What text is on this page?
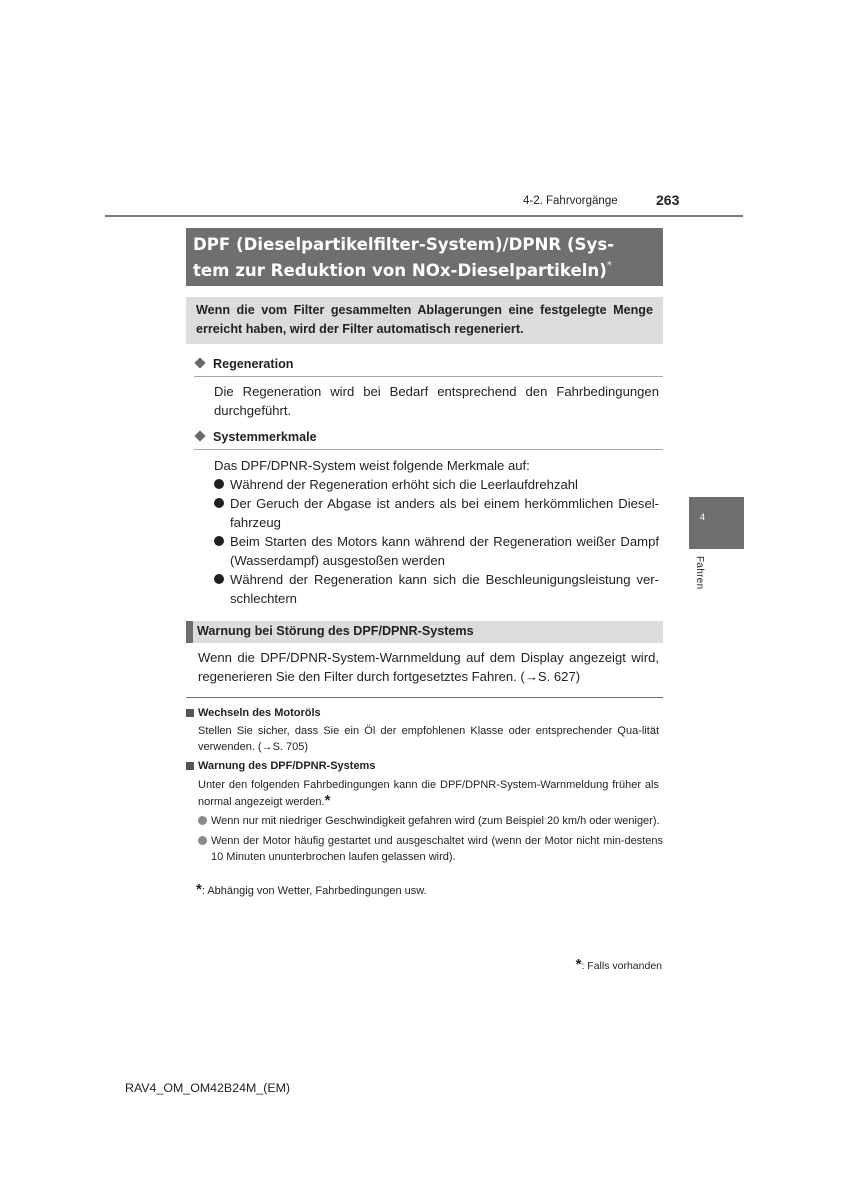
4-2. Fahrvorgänge	263
4
Fahren
DPF (Dieselpartikelfilter-System)/DPNR (Sys-
tem zur Reduktion von NOx-Dieselpartikeln)*
Wenn die vom Filter gesammelten Ablagerungen eine festgelegte Menge erreicht haben, wird der Filter automatisch regeneriert.
Regeneration
Die Regeneration wird bei Bedarf entsprechend den Fahrbedingungen durchgeführt.
Systemmerkmale
Das DPF/DPNR-System weist folgende Merkmale auf:
Während der Regeneration erhöht sich die Leerlaufdrehzahl
Der Geruch der Abgase ist anders als bei einem herkömmlichen Diesel-fahrzeug
Beim Starten des Motors kann während der Regeneration weißer Dampf (Wasserdampf) ausgestoßen werden
Während der Regeneration kann sich die Beschleunigungsleistung ver-schlechtern
Warnung bei Störung des DPF/DPNR-Systems
Wenn die DPF/DPNR-System-Warnmeldung auf dem Display angezeigt wird, regenerieren Sie den Filter durch fortgesetztes Fahren. (→S. 627)
Wechseln des Motoröls
Stellen Sie sicher, dass Sie ein Öl der empfohlenen Klasse oder entsprechender Qua-lität verwenden. (→S. 705)
Warnung des DPF/DPNR-Systems
Unter den folgenden Fahrbedingungen kann die DPF/DPNR-System-Warnmeldung früher als normal angezeigt werden.*
Wenn nur mit niedriger Geschwindigkeit gefahren wird (zum Beispiel 20 km/h oder weniger).
Wenn der Motor häufig gestartet und ausgeschaltet wird (wenn der Motor nicht min-destens 10 Minuten ununterbrochen laufen gelassen wird).
*: Abhängig von Wetter, Fahrbedingungen usw.
*: Falls vorhanden
RAV4_OM_OM42B24M_(EM)
